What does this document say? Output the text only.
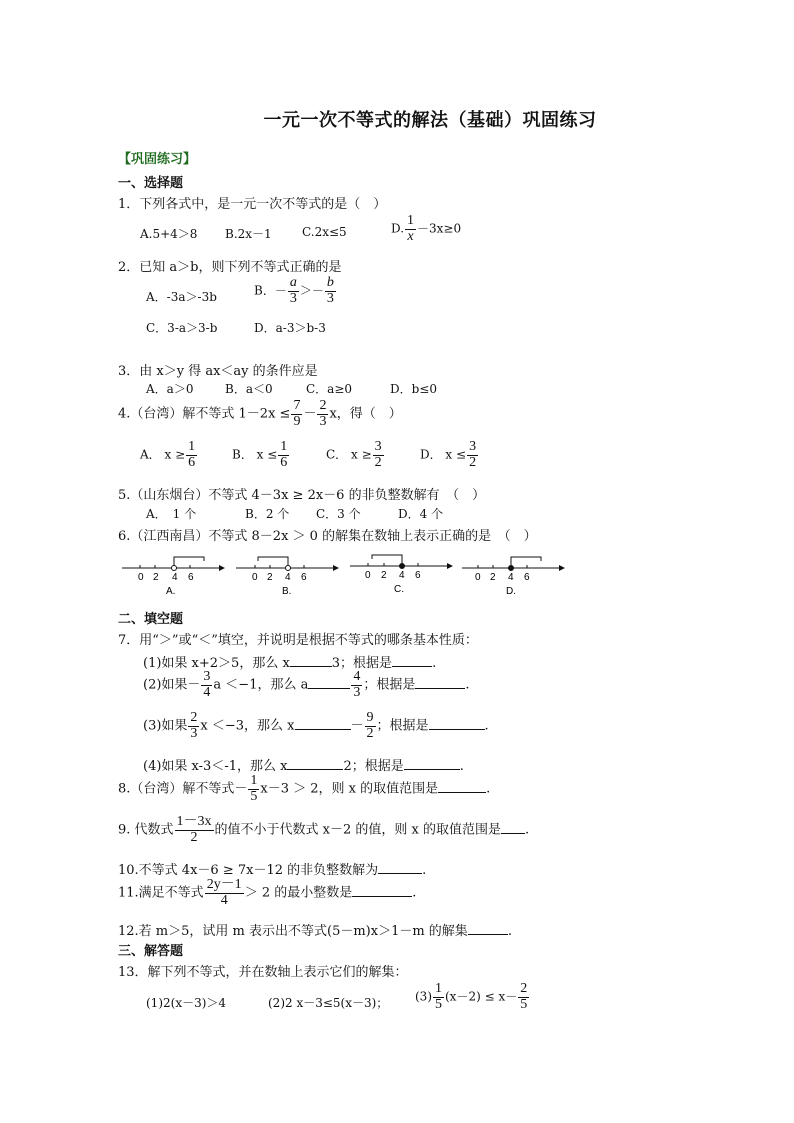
一元一次不等式的解法（基础）巩固练习
【巩固练习】
一、选择题
1．下列各式中，是一元一次不等式的是（　）
A.5+4＞8 B.2x－1	C.2x≤5	D. $\frac{1}{x} -3x\ge 0$
2．已知 a＞b，则下列不等式正确的是
A．-3a＞-3b	B．－ $\frac{a}{3} >- \frac{b}{3}$
C．3-a＞3-b	D．a-3＞b-3
3．由 x＞y 得 ax＜ay 的条件应是
A．a＞0	B．a＜0	C．a≥0	D．b≤0
4.（台湾）解不等式 $1-2x \le \frac{7}{9} - \frac{2}{3}$ x，得（　）
A． $x \ge \frac{1}{6}$	B． $x \le \frac{1}{6}$	C． $x \ge \frac{3}{2}$	D． $x \le \frac{3}{2}$
5.（山东烟台）不等式 4－3x ≥ 2x－6 的非负整数解有　（　）
A．　1 个	B．2 个 C．3 个	D．4 个
6.（江西南昌）不等式 8－2x ＞ 0 的解集在数轴上表示正确的是　（　）
0 2 4 6
A.
0 2 4 6
B.
0 2 4 6
C.
0 2 4 6
D.
二、填空题
7．用“＞”或“＜”填空，并说明是根据不等式的哪条基本性质：
(1)如果 x+2＞5，那么 x	3；根据是	.
(2)如果－ $\frac{3}{4}$ a ＜−1，那么 a	$\frac{4}{3}$ ；根据是	.
(3)如果 $\frac{2}{3}$ x ＜−3，那么 x	－ $\frac{9}{2}$ ；根据是	.
(4)如果 x-3＜-1，那么 x	2；根据是	.
8.（台湾）解不等式－ $\frac{1}{5} x-3 > 2$，则 x 的取值范围是	.
9. 代数式 $\frac{1-3x}{2}$ 的值不小于代数式 x－2 的值，则 x 的取值范围是 .
10.不等式 4x－6 ≥ 7x－12 的非负整数解为	.
11.满足不等式 $\frac{2y-1}{4} > 2$ 的最小整数是	.
12.若 m＞5，试用 m 表示出不等式(5－m)x＞1－m 的解集	.
三、解答题
13．解下列不等式，并在数轴上表示它们的解集：
(1)2(x－3)＞4	(2)2 x－3≤5(x－3)； $(3) \frac{1}{5} (x-2) \le x- \frac{2}{5}$
